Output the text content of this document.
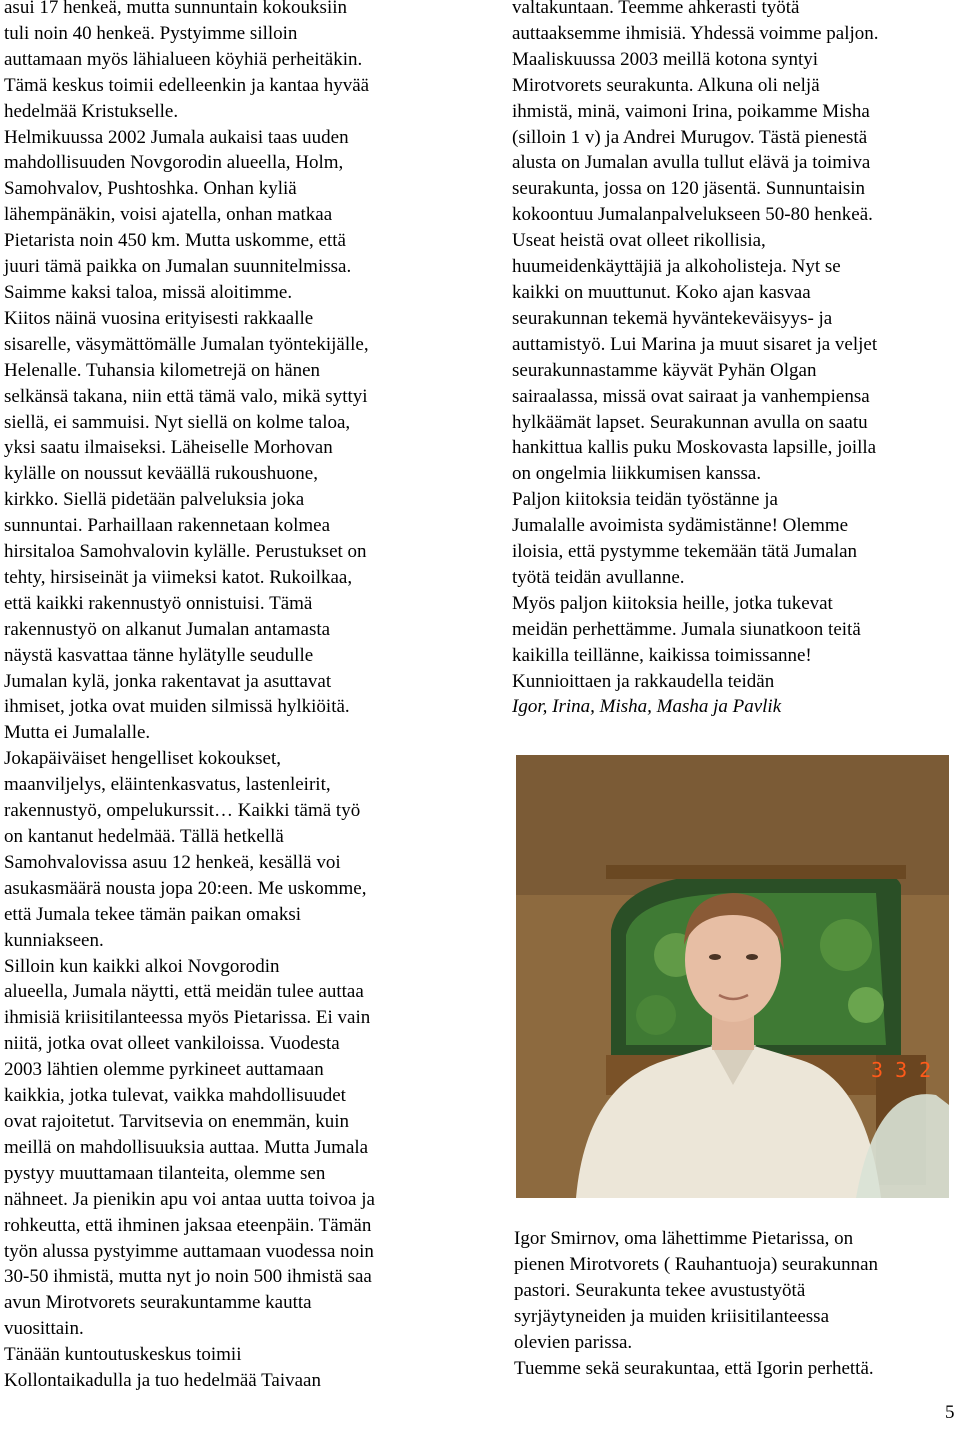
asui 17 henkeä, mutta sunnuntain kokouksiin
tuli noin 40 henkeä. Pystyimme silloin
auttamaan myös lähialueen köyhiä perheitäkin.
Tämä keskus toimii edelleenkin ja kantaa hyvää
hedelmää Kristukselle.

Helmikuussa 2002 Jumala aukaisi taas uuden
mahdollisuuden Novgorodin alueella, Holm,
Samohvalov, Pushtoshka. Onhan kyliä
lähempänäkin, voisi ajatella, onhan matkaa
Pietarista noin 450 km. Mutta uskomme, että
juuri tämä paikka on Jumalan suunnitelmissa.
Saimme kaksi taloa, missä aloitimme.

Kiitos näinä vuosina erityisesti rakkaalle
sisarelle, väsymättömälle Jumalan työntekijälle,
Helenalle. Tuhansia kilometrejä on hänen
selkänsä takana, niin että tämä valo, mikä syttyi
siellä, ei sammuisi. Nyt siellä on kolme taloa,
yksi saatu ilmaiseksi. Läheiselle Morhovan
kylälle on noussut keväällä rukoushuone,
kirkko. Siellä pidetään palveluksia joka
sunnuntai. Parhaillaan rakennetaan kolmea
hirsitaloa Samohvalovin kylälle. Perustukset on
tehty, hirsiseinät ja viimeksi katot. Rukoilkaa,
että kaikki rakennustyö onnistuisi. Tämä
rakennustyö on alkanut Jumalan antamasta
näystä kasvattaa tänne hylätylle seudulle
Jumalan kylä, jonka rakentavat ja asuttavat
ihmiset, jotka ovat muiden silmissä hylkiöitä.
Mutta ei Jumalalle.

Jokapäiväiset hengelliset kokoukset,
maanviljelys, eläintenkasvatus, lastenleirit,
rakennustyö, ompelukurssit… Kaikki tämä työ
on kantanut hedelmää. Tällä hetkellä
Samohvalovissa asuu 12 henkeä, kesällä voi
asukasmäärä nousta jopa 20:een. Me uskomme,
että Jumala tekee tämän paikan omaksi
kunniakseen.

Silloin kun kaikki alkoi Novgorodin
alueella, Jumala näytti, että meidän tulee auttaa
ihmisiä kriisitilanteessa myös Pietarissa. Ei vain
niitä, jotka ovat olleet vankiloissa. Vuodesta
2003 lähtien olemme pyrkineet auttamaan
kaikkia, jotka tulevat, vaikka mahdollisuudet
ovat rajoitetut. Tarvitsevia on enemmän, kuin
meillä on mahdollisuuksia auttaa. Mutta Jumala
pystyy muuttamaan tilanteita, olemme sen
nähneet. Ja pienikin apu voi antaa uutta toivoa ja
rohkeutta, että ihminen jaksaa eteenpäin. Tämän
työn alussa pystyimme auttamaan vuodessa noin
30-50 ihmistä, mutta nyt jo noin 500 ihmistä saa
avun Mirotvorets seurakuntamme kautta
vuosittain.

Tänään kuntoutuskeskus toimii
Kollontaikadulla ja tuo hedelmää Taivaan

valtakuntaan. Teemme ahkerasti työtä
auttaaksemme ihmisiä. Yhdessä voimme paljon.

Maaliskuussa 2003 meillä kotona syntyi
Mirotvorets seurakunta. Alkuna oli neljä
ihmistä, minä, vaimoni Irina, poikamme Misha
(silloin 1 v) ja Andrei Murugov. Tästä pienestä
alusta on Jumalan avulla tullut elävä ja toimiva
seurakunta, jossa on 120 jäsentä. Sunnuntaisin
kokoontuu Jumalanpalvelukseen 50-80 henkeä.
Useat heistä ovat olleet rikollisia,
huumeidenkäyttäjiä ja alkoholisteja. Nyt se
kaikki on muuttunut. Koko ajan kasvaa
seurakunnan tekemä hyväntekeväisyys- ja
auttamistyö. Lui Marina ja muut sisaret ja veljet
seurakunnastamme käyvät Pyhän Olgan
sairaalassa, missä ovat sairaat ja vanhempiensa
hylkäämät lapset. Seurakunnan avulla on saatu
hankittua kallis puku Moskovasta lapsille, joilla
on ongelmia liikkumisen kanssa.

Paljon kiitoksia teidän työstänne ja
Jumalalle avoimista sydämistänne! Olemme
iloisia, että pystymme tekemään tätä Jumalan
työtä teidän avullanne.

Myös paljon kiitoksia heille, jotka tukevat
meidän perhettämme. Jumala siunatkoon teitä
kaikilla teillänne, kaikissa toimissanne!
Kunnioittaen ja rakkaudella teidän

Igor, Irina, Misha, Masha ja Pavlik

3 3 2

Igor Smirnov, oma lähettimme Pietarissa, on
pienen Mirotvorets ( Rauhantuoja) seurakunnan
pastori. Seurakunta tekee avustustyötä
syrjäytyneiden ja muiden kriisitilanteessa
olevien parissa.

Tuemme sekä seurakuntaa, että Igorin perhettä.

5
